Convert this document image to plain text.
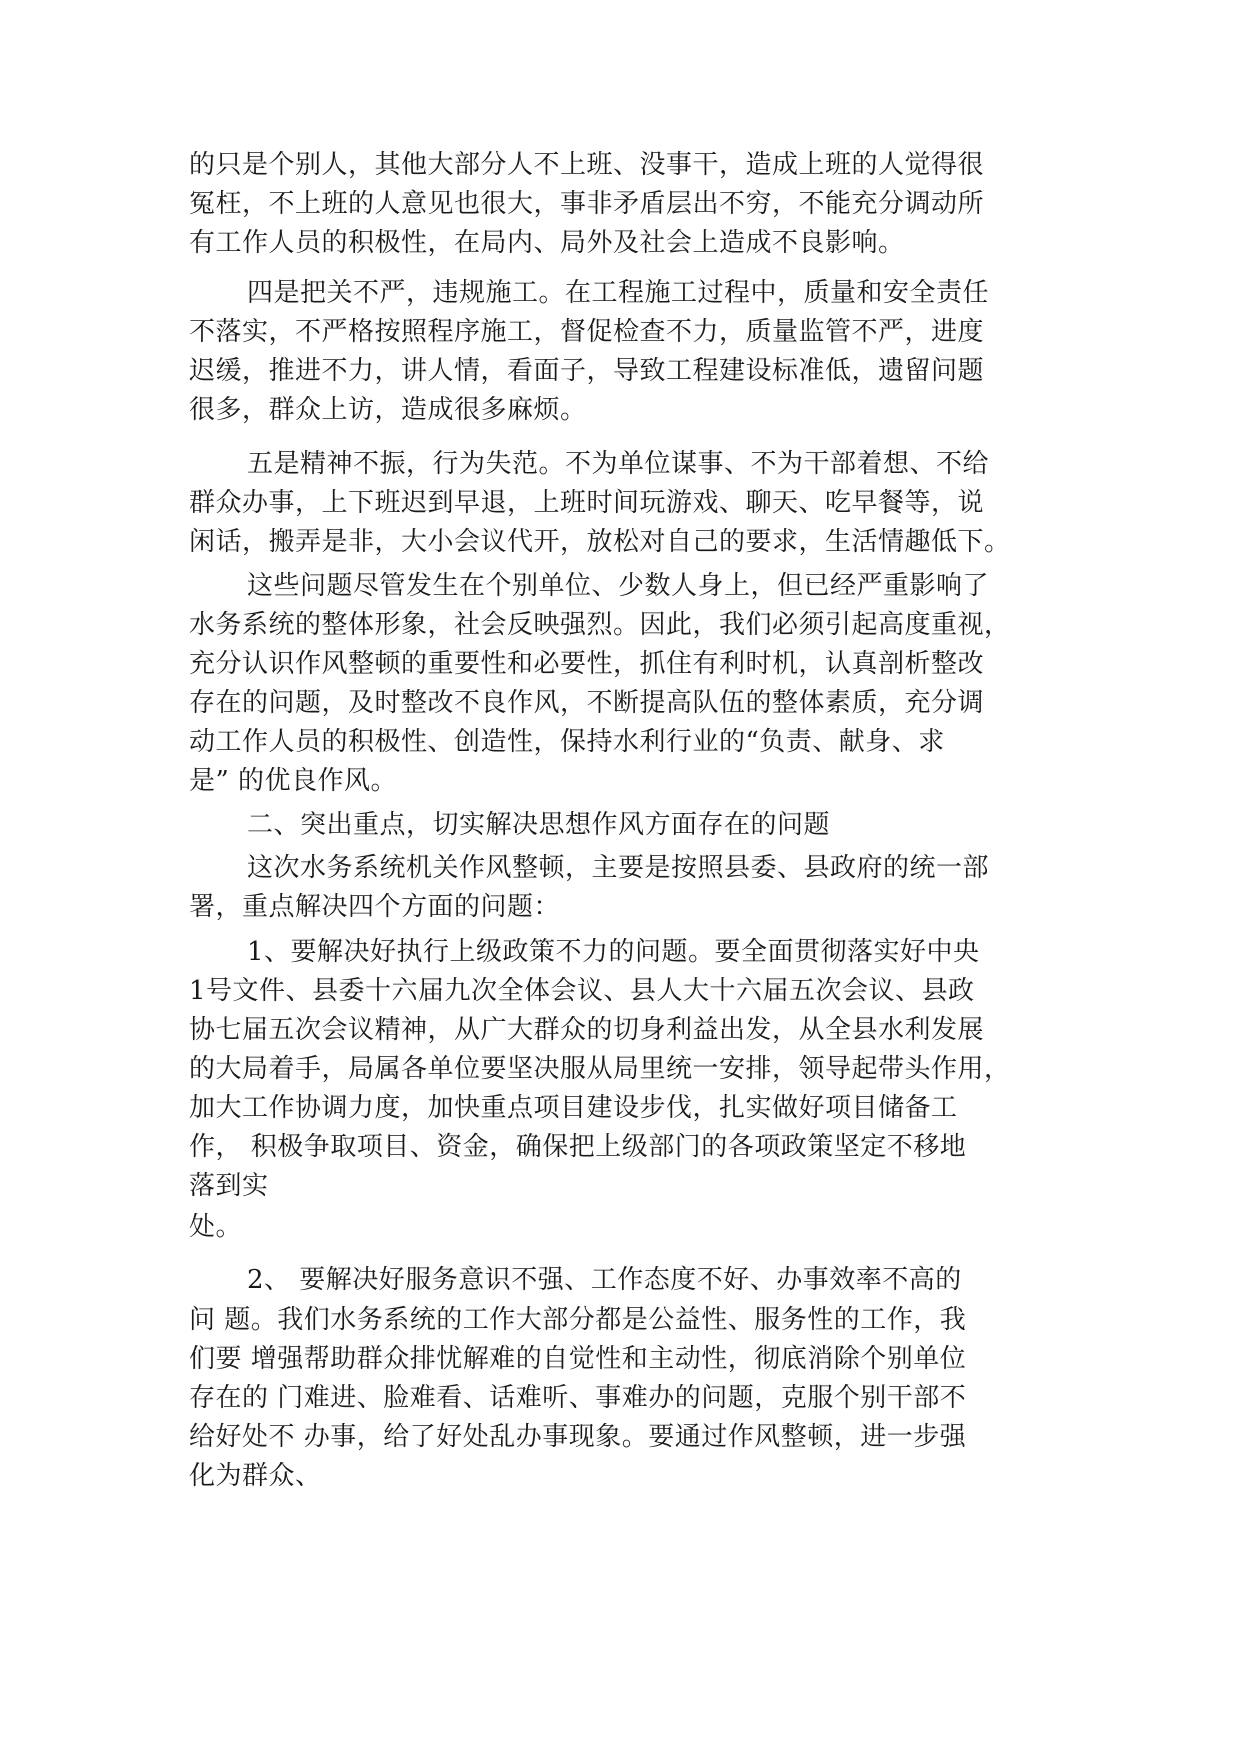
的只是个别人，其他大部分人不上班、没事干，造成上班的人觉得很
冤枉，不上班的人意见也很大，事非矛盾层出不穷，不能充分调动所
有工作人员的积极性，在局内、局外及社会上造成不良影响。
四是把关不严，违规施工。在工程施工过程中，质量和安全责任
不落实，不严格按照程序施工，督促检查不力，质量监管不严，进度
迟缓，推进不力，讲人情，看面子，导致工程建设标准低，遗留问题
很多，群众上访，造成很多麻烦。
五是精神不振，行为失范。不为单位谋事、不为干部着想、不给
群众办事，上下班迟到早退，上班时间玩游戏、聊天、吃早餐等，说
闲话，搬弄是非，大小会议代开，放松对自己的要求，生活情趣低下。
这些问题尽管发生在个别单位、少数人身上，但已经严重影响了
水务系统的整体形象，社会反映强烈。因此，我们必须引起高度重视，
充分认识作风整顿的重要性和必要性，抓住有利时机，认真剖析整改
存在的问题，及时整改不良作风，不断提高队伍的整体素质，充分调
动工作人员的积极性、创造性，保持水利行业的“负责、献身、求
是” 的优良作风。
二、突出重点，切实解决思想作风方面存在的问题
这次水务系统机关作风整顿，主要是按照县委、县政府的统一部
署，重点解决四个方面的问题：
1、要解决好执行上级政策不力的问题。要全面贯彻落实好中央
1号文件、县委十六届九次全体会议、县人大十六届五次会议、县政
协七届五次会议精神，从广大群众的切身利益出发，从全县水利发展
的大局着手，局属各单位要坚决服从局里统一安排，领导起带头作用，
加大工作协调力度，加快重点项目建设步伐，扎实做好项目储备工
作， 积极争取项目、资金，确保把上级部门的各项政策坚定不移地
落到实
处。
2、 要解决好服务意识不强、工作态度不好、办事效率不高的
问 题。我们水务系统的工作大部分都是公益性、服务性的工作，我
们要 增强帮助群众排忧解难的自觉性和主动性，彻底消除个别单位
存在的 门难进、脸难看、话难听、事难办的问题，克服个别干部不
给好处不 办事，给了好处乱办事现象。要通过作风整顿，进一步强
化为群众、
